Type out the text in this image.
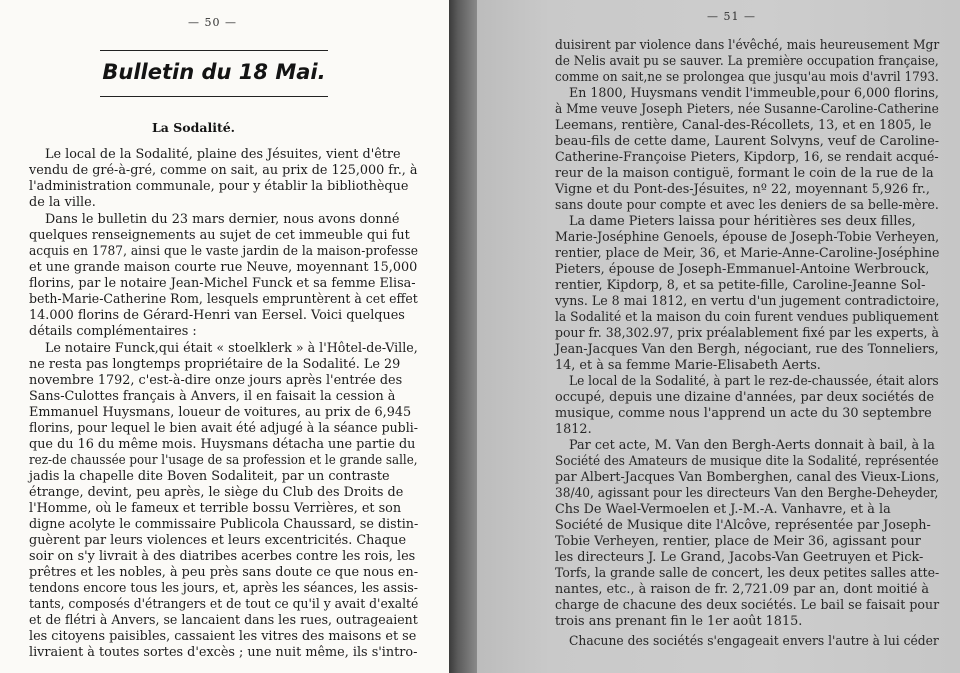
— 50 —
Bulletin du 18 Mai.
La Sodalité.
Le local de la Sodalité, plaine des Jésuites, vient d'être
vendu de gré-à-gré, comme on sait, au prix de 125,000 fr., à
l'administration communale, pour y établir la bibliothèque
de la ville.
Dans le bulletin du 23 mars dernier, nous avons donné
quelques renseignements au sujet de cet immeuble qui fut
acquis en 1787, ainsi que le vaste jardin de la maison-professe
et une grande maison courte rue Neuve, moyennant 15,000
florins, par le notaire Jean-Michel Funck et sa femme Elisa-
beth-Marie-Catherine Rom, lesquels empruntèrent à cet effet
14.000 florins de Gérard-Henri van Eersel. Voici quelques
détails complémentaires :
Le notaire Funck,qui était « stoelklerk » à l'Hôtel-de-Ville,
ne resta pas longtemps propriétaire de la Sodalité. Le 29
novembre 1792, c'est-à-dire onze jours après l'entrée des
Sans-Culottes français à Anvers, il en faisait la cession à
Emmanuel Huysmans, loueur de voitures, au prix de 6,945
florins, pour lequel le bien avait été adjugé à la séance publi-
que du 16 du même mois. Huysmans détacha une partie du
rez-de chaussée pour l'usage de sa profession et le grande salle,
jadis la chapelle dite Boven Sodaliteit, par un contraste
étrange, devint, peu après, le siège du Club des Droits de
l'Homme, où le fameux et terrible bossu Verrières, et son
digne acolyte le commissaire Publicola Chaussard, se distin-
guèrent par leurs violences et leurs excentricités. Chaque
soir on s'y livrait à des diatribes acerbes contre les rois, les
prêtres et les nobles, à peu près sans doute ce que nous en-
tendons encore tous les jours, et, après les séances, les assis-
tants, composés d'étrangers et de tout ce qu'il y avait d'exalté
et de flétri à Anvers, se lancaient dans les rues, outrageaient
les citoyens paisibles, cassaient les vitres des maisons et se
livraient à toutes sortes d'excès ; une nuit même, ils s'intro-
— 51 —
duisirent par violence dans l'évêché, mais heureusement Mgr
de Nelis avait pu se sauver. La première occupation française,
comme on sait,ne se prolongea que jusqu'au mois d'avril 1793.
En 1800, Huysmans vendit l'immeuble,pour 6,000 florins,
à Mme veuve Joseph Pieters, née Susanne-Caroline-Catherine
Leemans, rentière, Canal-des-Récollets, 13, et en 1805, le
beau-fils de cette dame, Laurent Solvyns, veuf de Caroline-
Catherine-Françoise Pieters, Kipdorp, 16, se rendait acqué-
reur de la maison contiguë, formant le coin de la rue de la
Vigne et du Pont-des-Jésuites, nº 22, moyennant 5,926 fr.,
sans doute pour compte et avec les deniers de sa belle-mère.
La dame Pieters laissa pour héritières ses deux filles,
Marie-Joséphine Genoels, épouse de Joseph-Tobie Verheyen,
rentier, place de Meir, 36, et Marie-Anne-Caroline-Joséphine
Pieters, épouse de Joseph-Emmanuel-Antoine Werbrouck,
rentier, Kipdorp, 8, et sa petite-fille, Caroline-Jeanne Sol-
vyns. Le 8 mai 1812, en vertu d'un jugement contradictoire,
la Sodalité et la maison du coin furent vendues publiquement
pour fr. 38,302.97, prix préalablement fixé par les experts, à
Jean-Jacques Van den Bergh, négociant, rue des Tonneliers,
14, et à sa femme Marie-Elisabeth Aerts.
Le local de la Sodalité, à part le rez-de-chaussée, était alors
occupé, depuis une dizaine d'années, par deux sociétés de
musique, comme nous l'apprend un acte du 30 septembre
1812.
Par cet acte, M. Van den Bergh-Aerts donnait à bail, à la
Société des Amateurs de musique dite la Sodalité, représentée
par Albert-Jacques Van Bomberghen, canal des Vieux-Lions,
38/40, agissant pour les directeurs Van den Berghe-Deheyder,
Chs De Wael-Vermoelen et J.-M.-A. Vanhavre, et à la
Société de Musique dite l'Alcôve, représentée par Joseph-
Tobie Verheyen, rentier, place de Meir 36, agissant pour
les directeurs J. Le Grand, Jacobs-Van Geetruyen et Pick-
Torfs, la grande salle de concert, les deux petites salles atte-
nantes, etc., à raison de fr. 2,721.09 par an, dont moitié à
charge de chacune des deux sociétés. Le bail se faisait pour
trois ans prenant fin le 1er août 1815.
Chacune des sociétés s'engageait envers l'autre à lui céder
